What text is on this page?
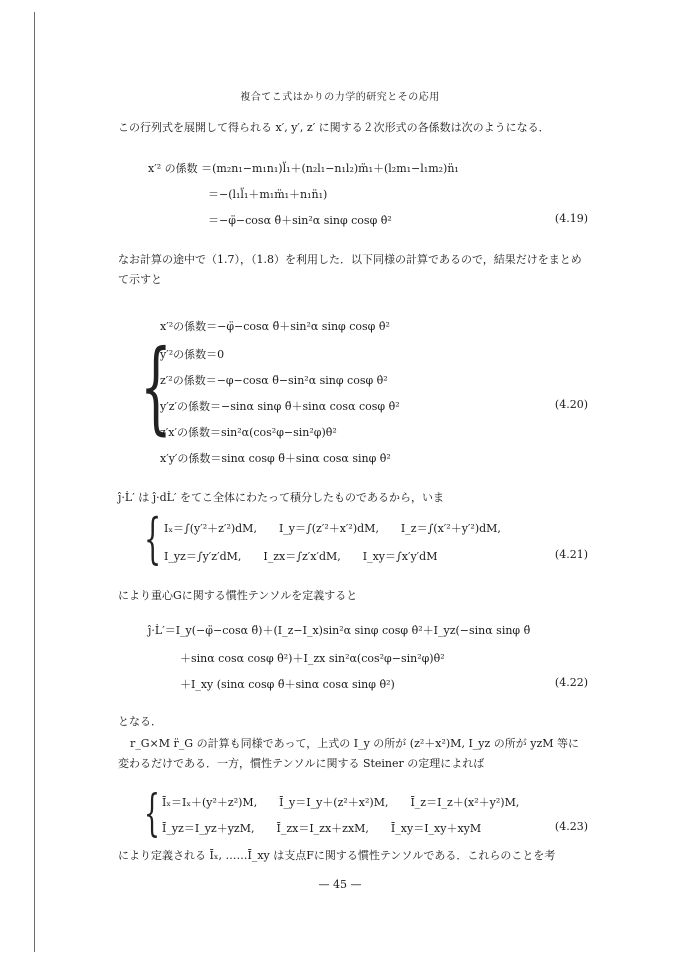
複合てこ式はかりの力学的研究とその応用
この行列式を展開して得られる x′, y′, z′ に関する２次形式の各係数は次のようになる．
x′² の係数 ＝(m₂n₁−m₁n₁)l̈₁＋(n₂l₁−n₁l₂)m̈₁＋(l₂m₁−l₁m₂)n̈₁
＝−(l₁l̈₁＋m₁m̈₁＋n₁n̈₁)
＝−φ̈−cosα θ̈＋sin²α sinφ cosφ θ̇²	(4.19)
なお計算の途中で（1.7），（1.8）を利用した．以下同様の計算であるので，結果だけをまとめて示すと
{
x′²の係数＝−φ̈−cosα θ̈＋sin²α sinφ cosφ θ̇²
y′²の係数＝0
z′²の係数＝−φ−cosα θ̈−sin²α sinφ cosφ θ̇²
y′z′の係数＝−sinα sinφ θ̈＋sinα cosα cosφ θ̇²
z′x′の係数＝sin²α(cos²φ−sin²φ)θ̇²
x′y′の係数＝sinα cosφ θ̈＋sinα cosα sinφ θ̇²
(4.20)
ĵ·L̇′ は ĵ·dL̇′ をてこ全体にわたって積分したものであるから，いま
{ Iₓ＝∫(y′²＋z′²)dM,　　I_y＝∫(z′²＋x′²)dM,　　I_z＝∫(x′²＋y′²)dM,
I_yz＝∫y′z′dM,　　I_zx＝∫z′x′dM,　　I_xy＝∫x′y′dM	(4.21)
により重心Gに関する慣性テンソルを定義すると
ĵ·L̇′＝I_y(−φ̈−cosα θ̈)＋(I_z−I_x)sin²α sinφ cosφ θ̇²＋I_yz(−sinα sinφ θ̈
＋sinα cosα cosφ θ̇²)＋I_zx sin²α(cos²φ−sin²φ)θ̇²
＋I_xy (sinα cosφ θ̈＋sinα cosα sinφ θ̇²)	(4.22)
となる．
r_G×M r̈_G の計算も同様であって，上式の I_y の所が (z²＋x²)M, I_yz の所が yzM 等に変わるだけである．一方，慣性テンソルに関する Steiner の定理によれば
{ Īₓ＝Iₓ＋(y²＋z²)M,　　Ī_y＝I_y＋(z²＋x²)M,　　Ī_z＝I_z＋(x²＋y²)M,
Ī_yz＝I_yz＋yzM,　　Ī_zx＝I_zx＋zxM,　　Ī_xy＝I_xy＋xyM	(4.23)
により定義される Īₓ, ……Ī_xy は支点Fに関する慣性テンソルである．これらのことを考
— 45 —
